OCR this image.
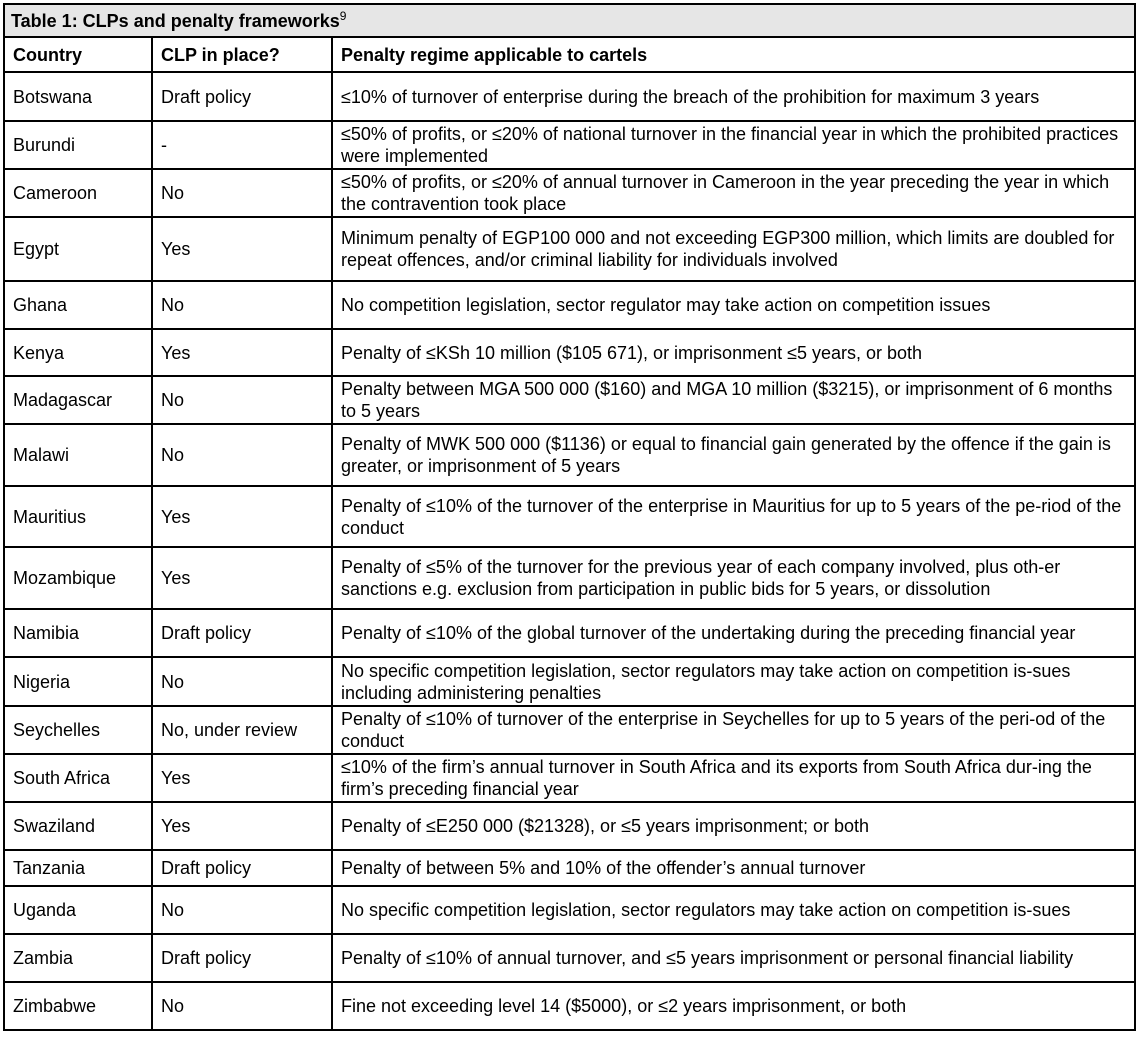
Table 1: CLPs and penalty frameworks$^9$
Country	CLP in place?	Penalty regime applicable to cartels
Botswana	Draft policy	≤10% of turnover of enterprise during the breach of the prohibition for maximum 3 years
Burundi	-	≤50% of profits, or ≤20% of national turnover in the financial year in which the prohibited practices were implemented
Cameroon	No	≤50% of profits, or ≤20% of annual turnover in Cameroon in the year preceding the year in which the contravention took place
Egypt	Yes	Minimum penalty of EGP100 000 and not exceeding EGP300 million, which limits are doubled for repeat offences, and/or criminal liability for individuals involved
Ghana	No	No competition legislation, sector regulator may take action on competition issues
Kenya	Yes	Penalty of ≤KSh 10 million ($105 671), or imprisonment ≤5 years, or both
Madagascar	No	Penalty between MGA 500 000 ($160) and MGA 10 million ($3215), or imprisonment of 6 months to 5 years
Malawi	No	Penalty of MWK 500 000 ($1136) or equal to financial gain generated by the offence if the gain is greater, or imprisonment of 5 years
Mauritius	Yes	Penalty of ≤10% of the turnover of the enterprise in Mauritius for up to 5 years of the pe-riod of the conduct
Mozambique	Yes	Penalty of ≤5% of the turnover for the previous year of each company involved, plus oth-er sanctions e.g. exclusion from participation in public bids for 5 years, or dissolution
Namibia	Draft policy	Penalty of ≤10% of the global turnover of the undertaking during the preceding financial year
Nigeria	No	No specific competition legislation, sector regulators may take action on competition is-sues including administering penalties
Seychelles	No, under review	Penalty of ≤10% of turnover of the enterprise in Seychelles for up to 5 years of the peri-od of the conduct
South Africa	Yes	≤10% of the firm’s annual turnover in South Africa and its exports from South Africa dur-ing the firm’s preceding financial year
Swaziland	Yes	Penalty of ≤E250 000 ($21328), or ≤5 years imprisonment; or both
Tanzania	Draft policy	Penalty of between 5% and 10% of the offender’s annual turnover
Uganda	No	No specific competition legislation, sector regulators may take action on competition is-sues
Zambia	Draft policy	Penalty of ≤10% of annual turnover, and ≤5 years imprisonment or personal financial liability
Zimbabwe	No	Fine not exceeding level 14 ($5000), or ≤2 years imprisonment, or both
